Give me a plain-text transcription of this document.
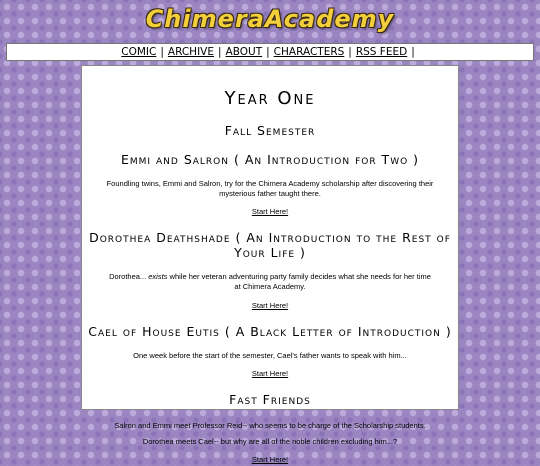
ChimeraAcademy
COMIC | ARCHIVE | ABOUT | CHARACTERS | RSS FEED |
Year One
Fall Semester
Emmi and Salron ( An Introduction for Two )

Foundling twins, Emmi and Salron, try for the Chimera Academy scholarship after discovering their mysterious father taught there.

Start Here!
Dorothea Deathshade ( An Introduction to the Rest of Your Life )

Dorothea... exists while her veteran adventuring party family decides what she needs for her time at Chimera Academy.

Start Here!
Cael of House Eutis ( A Black Letter of Introduction )

One week before the start of the semester, Cael's father wants to speak with him...

Start Here!
Fast Friends

Salron and Emmi meet Professor Reid-- who seems to be charge of the Scholarship students.

Dorothea meets Cael-- but why are all of the noble children excluding him...?

Start Here!
